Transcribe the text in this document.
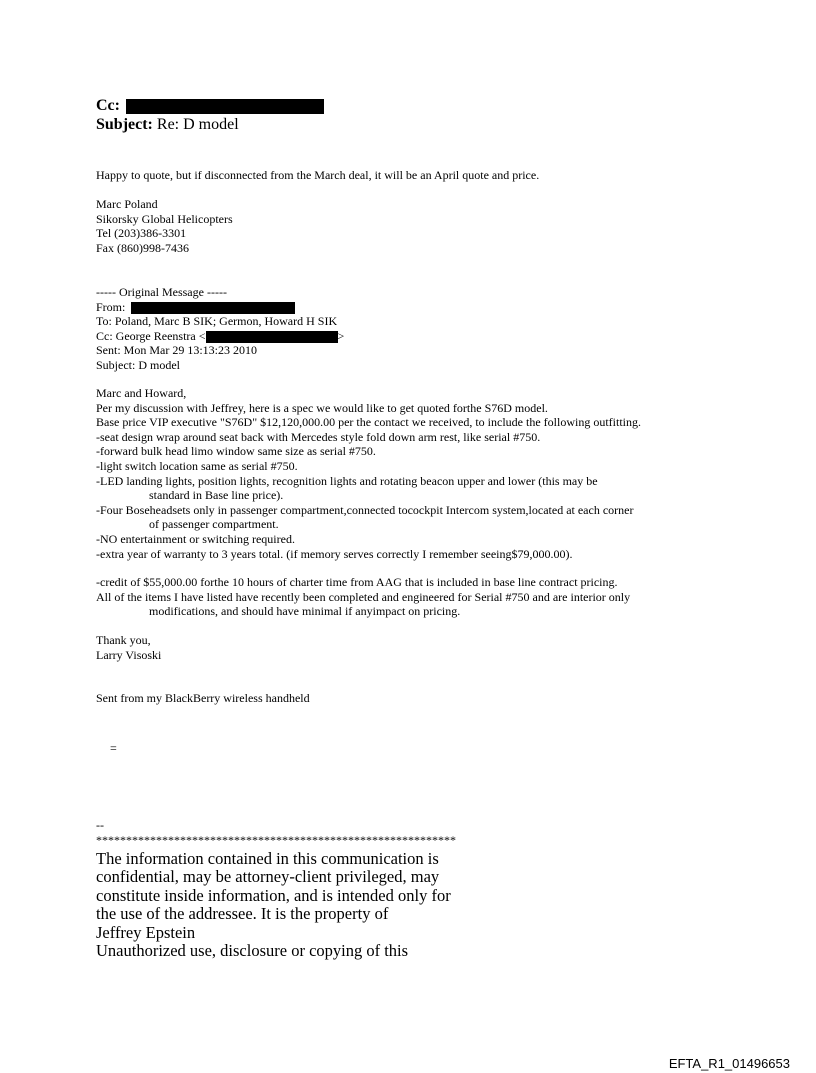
Cc:
Subject: Re: D model
Happy to quote, but if disconnected from the March deal, it will be an April quote and price.
Marc Poland
Sikorsky Global Helicopters
Tel (203)386-3301
Fax (860)998-7436
----- Original Message -----
From:
To: Poland, Marc B SIK; Germon, Howard H SIK
Cc: George Reenstra <	>
Sent: Mon Mar 29 13:13:23 2010
Subject: D model
Marc and Howard,
Per my discussion with Jeffrey, here is a spec we would like to get quoted forthe S76D model.
Base price VIP executive "S76D" $12,120,000.00 per the contact we received, to include the following outfitting.
-seat design wrap around seat back with Mercedes style fold down arm rest, like serial #750.
-forward bulk head limo window same size as serial #750.
-light switch location same as serial #750.
-LED landing lights, position lights, recognition lights and rotating beacon upper and lower (this may be
standard in Base line price).
-Four Boseheadsets only in passenger compartment,connected tocockpit Intercom system,located at each corner
of passenger compartment.
-NO entertainment or switching required.
-extra year of warranty to 3 years total. (if memory serves correctly I remember seeing$79,000.00).
-credit of $55,000.00 forthe 10 hours of charter time from AAG that is included in base line contract pricing.
All of the items I have listed have recently been completed and engineered for Serial #750 and are interior only
modifications, and should have minimal if anyimpact on pricing.
Thank you,
Larry Visoski
Sent from my BlackBerry wireless handheld
=
--
************************************************************
The information contained in this communication is
confidential, may be attorney-client privileged, may
constitute inside information, and is intended only for
the use of the addressee. It is the property of
Jeffrey Epstein
Unauthorized use, disclosure or copying of this
EFTA_R1_01496653
